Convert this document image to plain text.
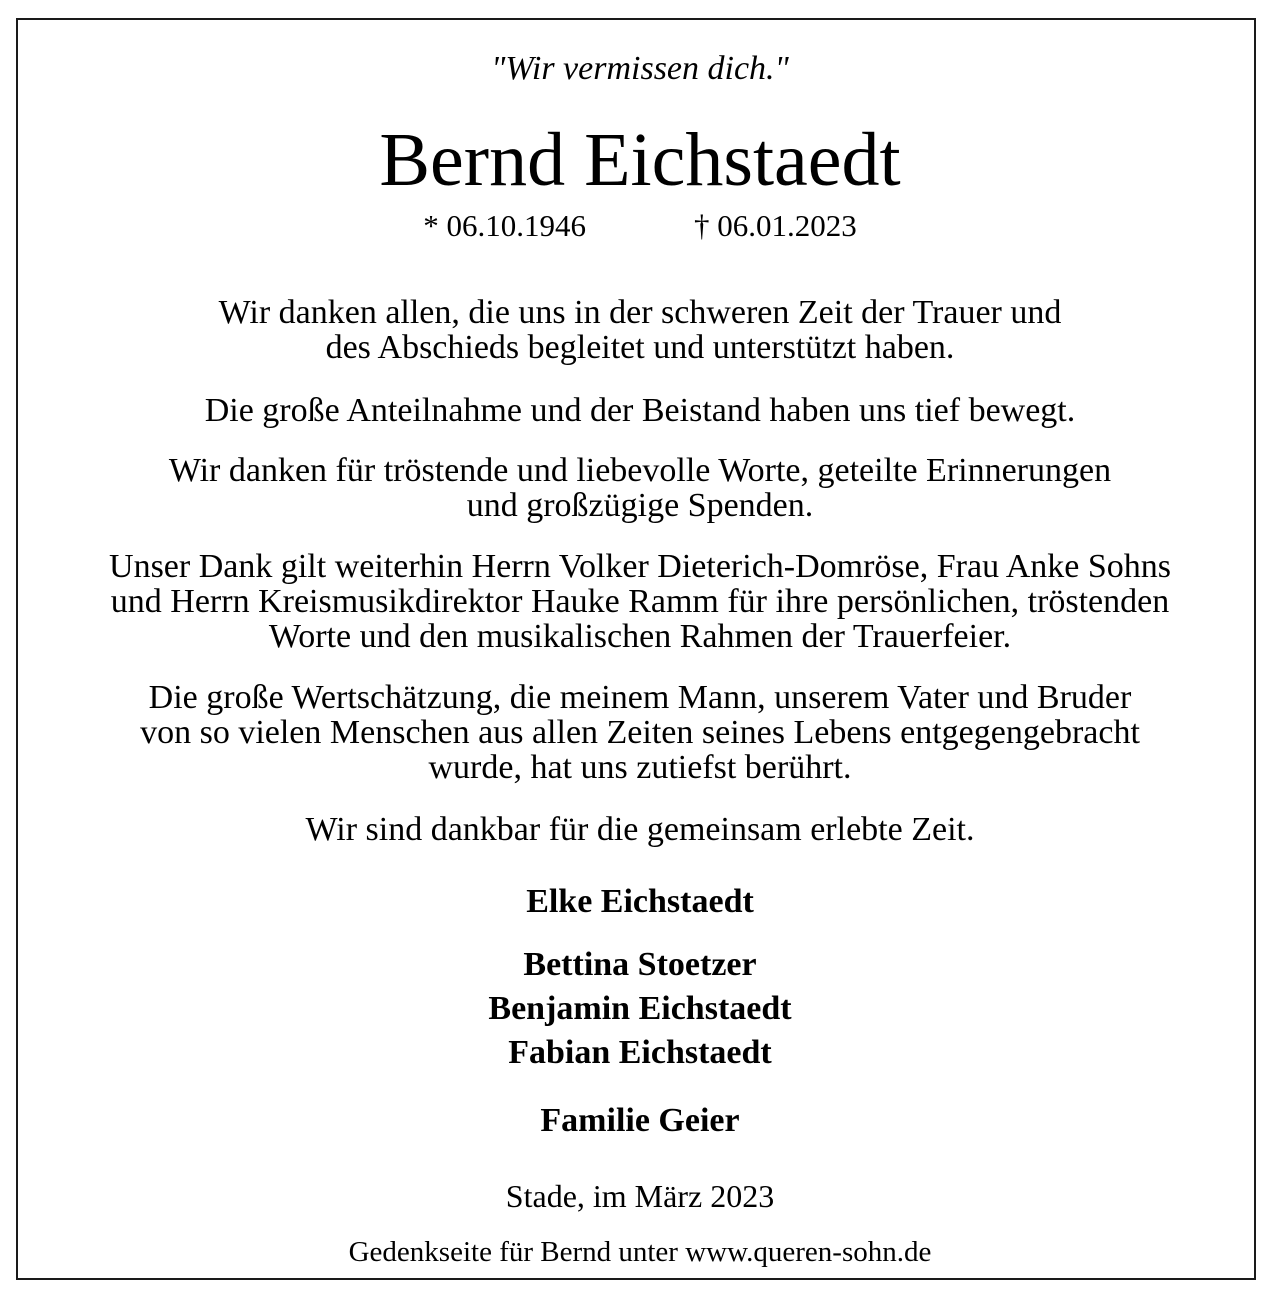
"Wir vermissen dich."
Bernd Eichstaedt
* 06.10.1946	† 06.01.2023
Wir danken allen, die uns in der schweren Zeit der Trauer und
des Abschieds begleitet und unterstützt haben.
Die große Anteilnahme und der Beistand haben uns tief bewegt.
Wir danken für tröstende und liebevolle Worte, geteilte Erinnerungen
und großzügige Spenden.
Unser Dank gilt weiterhin Herrn Volker Dieterich-Domröse, Frau Anke Sohns
und Herrn Kreismusikdirektor Hauke Ramm für ihre persönlichen, tröstenden
Worte und den musikalischen Rahmen der Trauerfeier.
Die große Wertschätzung, die meinem Mann, unserem Vater und Bruder
von so vielen Menschen aus allen Zeiten seines Lebens entgegengebracht
wurde, hat uns zutiefst berührt.
Wir sind dankbar für die gemeinsam erlebte Zeit.
Elke Eichstaedt
Bettina Stoetzer
Benjamin Eichstaedt
Fabian Eichstaedt
Familie Geier
Stade, im März 2023
Gedenkseite für Bernd unter www.queren-sohn.de
